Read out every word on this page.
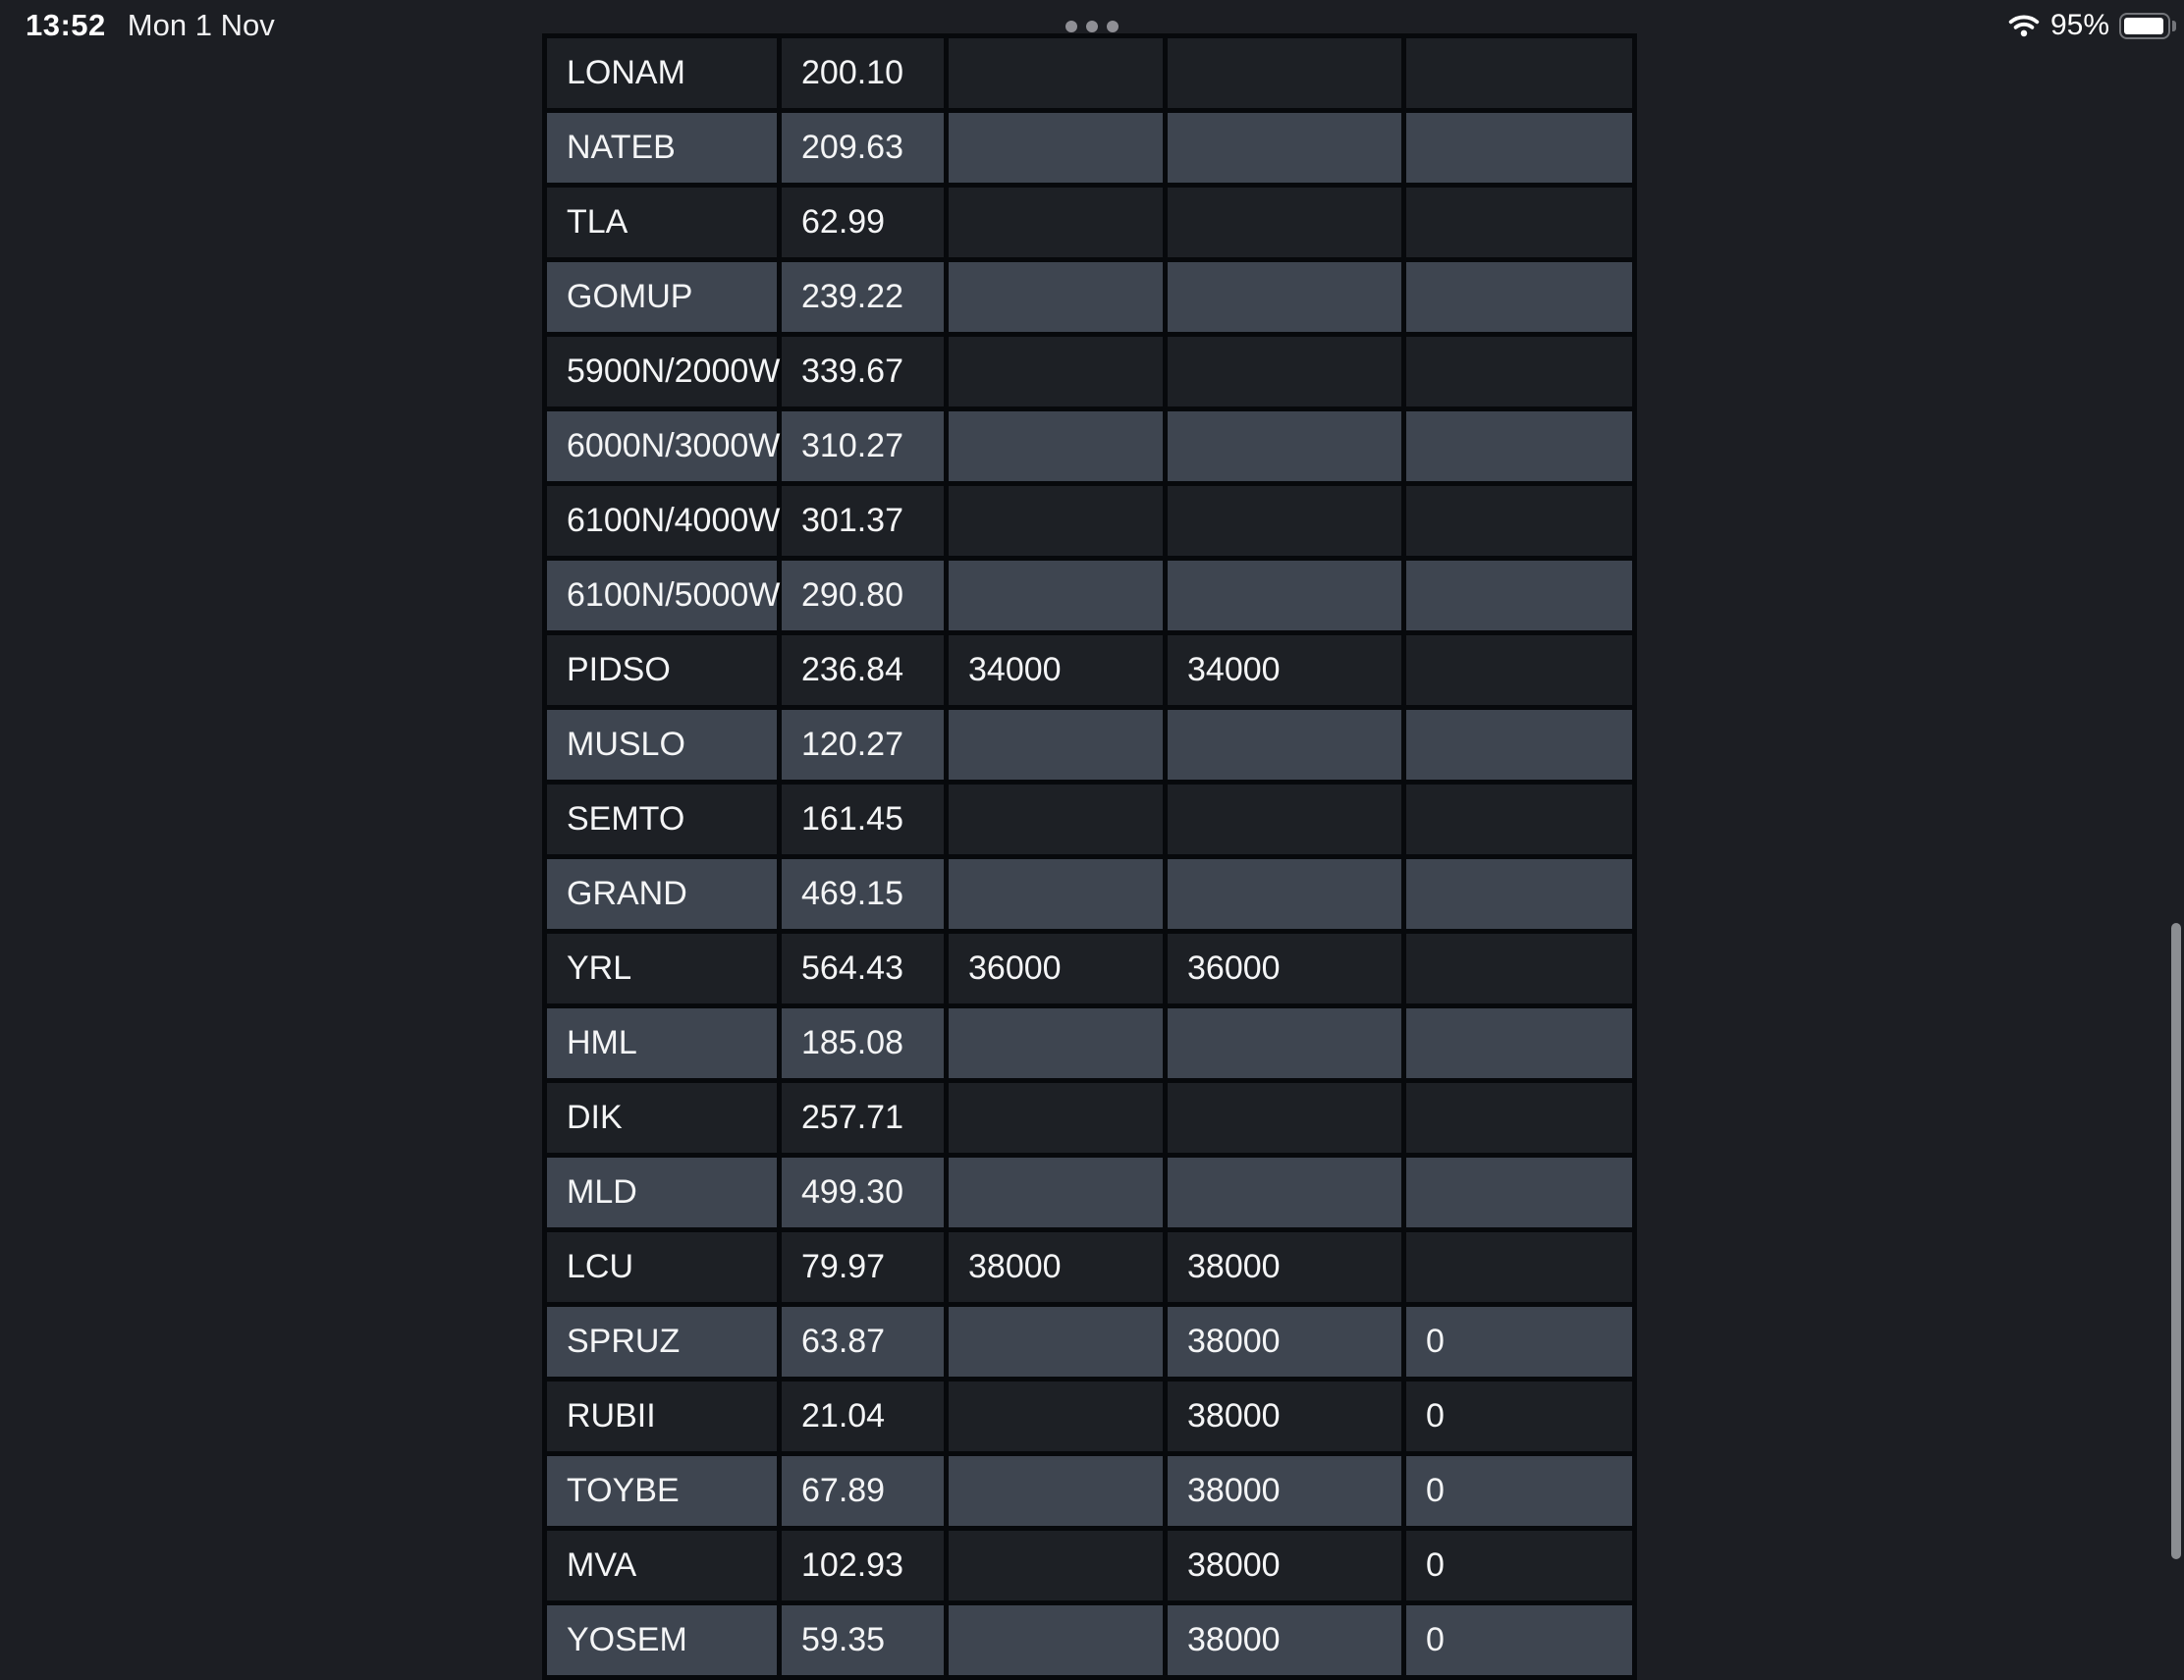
13:52 Mon 1 Nov	95%
LONAM	200.10			
NATEB	209.63			
TLA	62.99			
GOMUP	239.22			
5900N/2000W	339.67			
6000N/3000W	310.27			
6100N/4000W	301.37			
6100N/5000W	290.80			
PIDSO	236.84	34000	34000	
MUSLO	120.27			
SEMTO	161.45			
GRAND	469.15			
YRL	564.43	36000	36000	
HML	185.08			
DIK	257.71			
MLD	499.30			
LCU	79.97	38000	38000	
SPRUZ	63.87		38000	0
RUBII	21.04		38000	0
TOYBE	67.89		38000	0
MVA	102.93		38000	0
YOSEM	59.35		38000	0
